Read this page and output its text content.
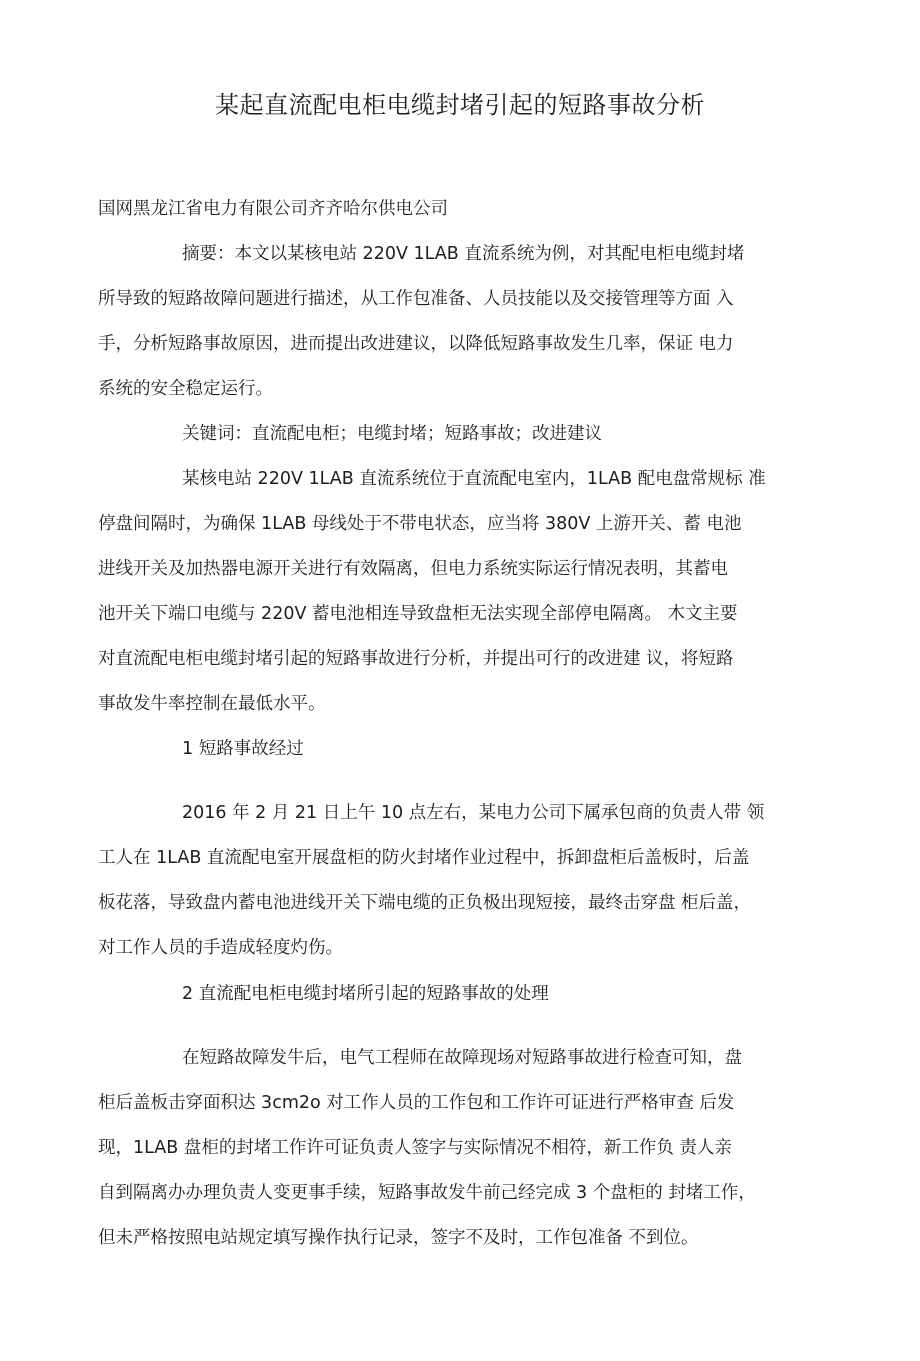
某起直流配电柜电缆封堵引起的短路事故分析
国网黑龙江省电力有限公司齐齐哈尔供电公司
摘要：本文以某核电站 220V 1LAB 直流系统为例，对其配电柜电缆封堵
所导致的短路故障问题进行描述，从工作包准备、人员技能以及交接管理等方面 入
手，分析短路事故原因，进而提出改进建议，以降低短路事故发生几率，保证 电力
系统的安全稳定运行。
关键词：直流配电柜；电缆封堵；短路事故；改进建议
某核电站 220V 1LAB 直流系统位于直流配电室内，1LAB 配电盘常规标 准
停盘间隔时，为确保 1LAB 母线处于不带电状态，应当将 380V 上游开关、蓄 电池
进线开关及加热器电源开关进行有效隔离，但电力系统实际运行情况表明，其蓄电
池开关下端口电缆与 220V 蓄电池相连导致盘柜无法实现全部停电隔离。 木文主要
对直流配电柜电缆封堵引起的短路事故进行分析，并提出可行的改进建 议，将短路
事故发牛率控制在最低水平。
1 短路事故经过
2016 年 2 月 21 日上午 10 点左右，某电力公司下属承包商的负责人带 领
工人在 1LAB 直流配电室开展盘柜的防火封堵作业过程中，拆卸盘柜后盖板时，后盖
板花落，导致盘内蓄电池进线开关下端电缆的正负极出现短接，最终击穿盘 柜后盖，
对工作人员的手造成轻度灼伤。
2 直流配电柜电缆封堵所引起的短路事故的处理
在短路故障发牛后，电气工程师在故障现场对短路事故进行检查可知，盘
柜后盖板击穿面积达 3cm2o 对工作人员的工作包和工作许可证进行严格审查 后发
现，1LAB 盘柜的封堵工作许可证负责人签字与实际情况不相符，新工作负 责人亲
自到隔离办办理负责人变更事手续，短路事故发牛前己经完成 3 个盘柜的 封堵工作，
但未严格按照电站规定填写操作执行记录，签字不及时，工作包准备 不到位。
